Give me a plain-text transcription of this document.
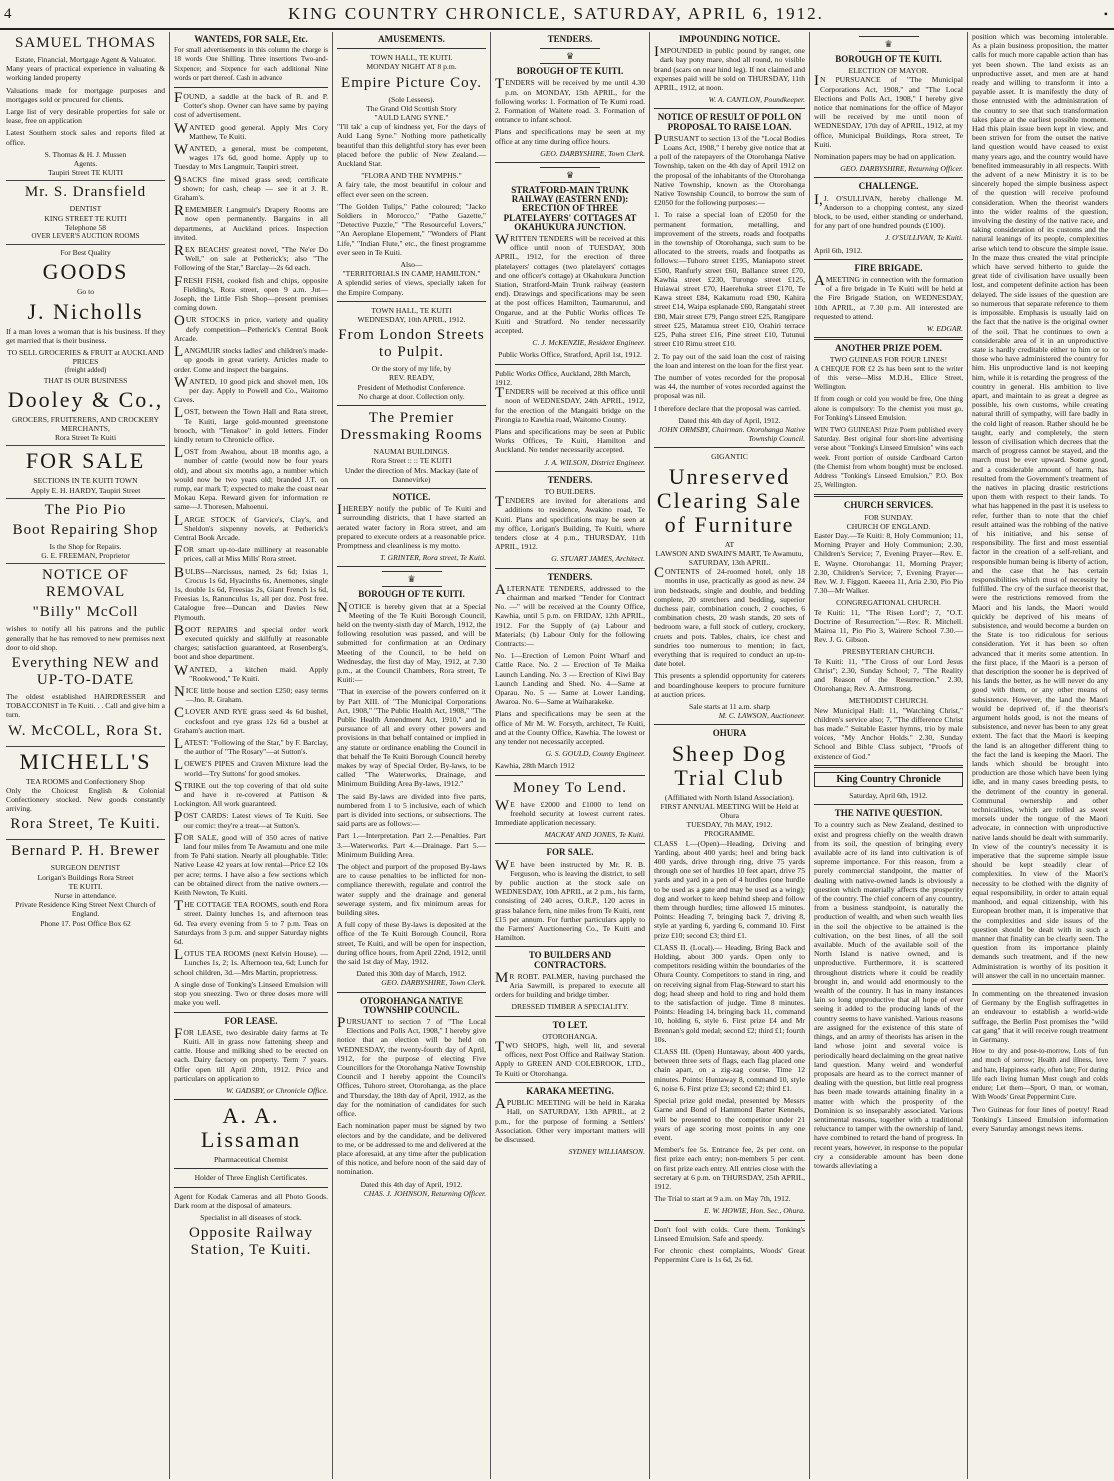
4	KING COUNTRY CHRONICLE, SATURDAY, APRIL 6, 1912.	•
SAMUEL THOMAS
Estate, Financial, Mortgage Agent & Valuator.

Many years of practical experience in valuating & working landed property

Valuations made for mortgage purposes and mortgages sold or procured for clients.

Large list of very desirable properties for sale or lease, free on application

Latest Southern stock sales and reports filed at office.

S. Thomas & H. J. Mussen
Agents.
Taupiri Street TE KUITI
Mr. S. Dransfield
DENTIST
KING STREET TE KUITI
Telephone 58
OVER LEVER'S AUCTION ROOMS
For Best Quality
GOODS
Go to
J. Nicholls

If a man loves a woman that is his business. If they get married that is their business.

TO SELL GROCERIES & FRUIT at AUCKLAND PRICES
(freight added)
THAT IS OUR BUSINESS
Dooley & Co.,
GROCERS, FRUITERERS, AND CROCKERY MERCHANTS,
Rora Street Te Kuiti
FOR SALE
SECTIONS IN TE KUITI TOWN
Apply E. H. HARDY, Taupiri Street
The Pio Pio
Boot Repairing Shop
Is the Shop for Repairs.
G. E. FREEMAN, Proprietor
NOTICE OF REMOVAL
"Billy" McColl

wishes to notify all his patrons and the public generally that he has removed to new premises next door to old shop.

Everything NEW and UP-TO-DATE

The oldest established HAIRDRESSER and TOBACCONIST in Te Kuiti. . . Call and give him a turn.

W. McCOLL, Rora St.
MICHELL'S
TEA ROOMS and Confectionery Shop

Only the Choicest English & Colonial Confectionery stocked. New goods constantly arriving.

Rora Street, Te Kuiti.
Bernard P. H. Brewer
SURGEON DENTIST
Lorigan's Buildings Rora Street
TE KUITI.
Nurse in attendance.
Private Residence King Street Next Church of England.
Phone 17. Post Office Box 62
WANTEDS, FOR SALE, Etc.

For small advertisements in this column the charge is 18 words One Shilling. Three insertions Two-and-Sixpence; and Sixpence for each additional Nine words or part thereof. Cash in advance

FOUND, a saddle at the back of R. and P. Cotter's shop. Owner can have same by paying cost of advertisement.

WANTED good general. Apply Mrs Cory Matthew, Te Kuiti.

WANTED, a general, must be competent, wages 17s 6d, good home. Apply up to Tuesday to Mrs Langmuir, Taupiri street.

9SACKS fine mixed grass seed; certificate shown; for cash, cheap — see it at J. R. Graham's.

REMEMBER Langmuir's Drapery Rooms are now open permanently. Bargains in all departments, at Auckland prices. Inspection invited.

REX BEACHS' greatest novel, "The Ne'er Do Well," on sale at Petherick's; also "The Following of the Star," Barclay—2s 6d each.

FRESH FISH, cooked fish and chips, opposite Fielding's, Rora street, open 9 a.m. Jut—Joseph, the Little Fish Shop—present premises coming down.

OUR STOCKS in price, variety and quality defy competition—Petherick's Central Book Arcade.

LANGMUIR stocks ladies' and children's made-up goods in great variety. Articles made to order. Come and inspect the bargains.

WANTED, 10 good pick and shovel men, 10s per day. Apply to Powell and Co., Waitomo Caves.

LOST, between the Town Hall and Rata street, Te Kuiti, large gold-mounted greenstone brooch, with "Tenakoe" in gold letters. Finder kindly return to Chronicle office.

LOST from Awahou, about 18 months ago, a number of cattle (would now be four years old), and about six months ago, a number which would now be two years old; branded J.T. on rump, ear mark T; expected to make the coast near Mokau Kepa. Reward given for information re same—J. Thoresen, Mahoenui.

LARGE STOCK of Garvice's, Clay's, and Sheldon's sixpenny novels, at Petherick's Central Book Arcade.

FOR smart up-to-date millinery at reasonable prices, call at Miss Mills' Rora street.

BULBS—Narcissus, named, 2s 6d; Ixias 1, Crocus 1s 6d, Hyacinths 6s, Anemones, single 1s, double 1s 6d, Freesias 2s, Giant French 1s 6d, Freesias 1s, Ranunculus 1s, all per doz. Post free. Catalogue free—Duncan and Davies New Plymouth.

BOOT REPAIRS and special order work executed quickly and skilfully at reasonable charges; satisfaction guaranteed, at Rosenberg's, boot and shoe department.

WANTED, a kitchen maid. Apply "Rookwood," Te Kuiti.

NICE little house and section £250; easy terms—Jno. R. Graham.

CLOVER AND RYE grass seed 4s 6d bushel, cocksfoot and rye grass 12s 6d a bushel at Graham's auction mart.

LATEST: "Following of the Star," by F. Barclay, the author of "The Rosary"—at Sutton's.

LOEWE'S PIPES and Craven Mixture lead the world—Try Suttons' for good smokes.

STRIKE out the top covering of that old suite and have it re-covered at Pattison & Lockington. All work guaranteed.

POST CARDS: Latest views of Te Kuiti. See our comic: they're a treat—at Sutton's.

FOR SALE, good will of 350 acres of native land four miles from Te Awamutu and one mile from Te Pahi station. Nearly all ploughable. Title: Native Lease 42 years at low rental—Price £2 10s per acre; terms. I have also a few sections which can be obtained direct from the native owners.—Keith Newton, Te Kuiti.

THE COTTAGE TEA ROOMS, south end Rora street. Dainty lunches 1s, and afternoon teas 6d. Tea every evening from 5 to 7 p.m. Teas on Saturdays from 3 p.m. and supper Saturday nights 6d.

LOTUS TEA ROOMS (next Kelvin House). —Lunches 1s, 2; 1s. Afternoon tea, 6d; Lunch for school children, 3d.—Mrs Martin, proprietress.

A single dose of Tonking's Linseed Emulsion will stop you sneezing. Two or three doses more will make you well.

FOR LEASE.

FOR LEASE, two desirable dairy farms at Te Kuiti. All in grass now fattening sheep and cattle. House and milking shed to be erected on each. Dairy factory on property. Term 7 years. Offer open till April 20th, 1912. Price and particulars on application to

W. GADSBY, or Chronicle Office.
A. A. Lissaman
Pharmaceutical Chemist
Holder of Three English Certificates.

Agent for Kodak Cameras and all Photo Goods. Dark room at the disposal of amateurs.

Specialist in all diseases of stock.
Opposite Railway Station, Te Kuiti.
AMUSEMENTS.
TOWN HALL, TE KUITI.
MONDAY NIGHT AT 8 p.m.
Empire Picture Coy.
(Sole Lessees).
The Grand Old Scottish Story
"AULD LANG SYNE."

"I'll tak' a cup of kindness yet, For the days of Auld Lang Syne." Nothing more pathetically beautiful than this delightful story has ever been placed before the public of New Zealand.—Auckland Star.

"FLORA AND THE NYMPHS."

A fairy tale, the most beautiful in colour and effect ever seen on the screen.

"The Golden Tulips," Pathe coloured; "Jacko Soldiers in Morocco," "Pathe Gazette," "Detective Puzzle," "The Resourceful Lovers," "An Aeroplane Elopement," "Wonders of Plant Life," "Indian Flute," etc., the finest programme ever seen in Te Kuiti.

Also—
"TERRITORIALS IN CAMP, HAMILTON."

A splendid series of views, specially taken for the Empire Company.

TOWN HALL, TE KUITI
WEDNESDAY, 10th APRIL, 1912.
From London Streets to Pulpit.
Or the story of my life, by
REV. READY,
President of Methodist Conference.
No charge at door. Collection only.
The Premier Dressmaking Rooms
NAUMAI BUILDINGS.
Rora Street :: :: TE KUITI
Under the direction of Mrs. Mackay (late of Dannevirke)
NOTICE.

IHEREBY notify the public of Te Kuiti and surrounding districts, that I have started an aerated water factory in Rora street, and am prepared to execute orders at a reasonable price. Promptness and cleanliness is my motto.

T. GRINTER, Rora street, Te Kuiti.
♛
BOROUGH OF TE KUITI.

NOTICE is hereby given that at a Special Meeting of the Te Kuiti Borough Council, held on the twenty-sixth day of March, 1912, the following resolution was passed, and will be submitted for confirmation at an Ordinary Meeting of the Council, to be held on Wednesday, the first day of May, 1912, at 7.30 p.m., at the Council Chambers, Rora street, Te Kuiti:—

"That in exercise of the powers conferred on it by Part XIII. of "The Municipal Corporations Act, 1908," "The Public Health Act, 1908," "The Public Health Amendment Act, 1910," and in pursuance of all and every other powers and provisions in that behalf contained or implied in any statute or ordinance enabling the Council in that behalf the Te Kuiti Borough Council hereby makes by way of Special Order, By-laws, to be called "The Waterworks, Drainage, and Minimum Building Area By-laws, 1912."

The said By-laws are divided into five parts, numbered from 1 to 5 inclusive, each of which part is divided into sections, or subsections. The said parts are as follows:—

Part 1.—Interpretation. Part 2.—Penalties. Part 3.—Waterworks. Part 4.—Drainage. Part 5.—Minimum Building Area.

The object and purport of the proposed By-laws are to cause penalties to be inflicted for non-compliance therewith, regulate and control the water supply and the drainage and general sewerage system, and fix minimum areas for building sites.

A full copy of these By-laws is deposited at the office of the Te Kuiti Borough Council, Rora street, Te Kuiti, and will be open for inspection, during office hours, from April 22nd, 1912, until the said 1st day of May, 1912.

Dated this 30th day of March, 1912.
GEO. DARBYSHIRE, Town Clerk.
OTOROHANGA NATIVE TOWNSHIP COUNCIL.

PURSUANT to section 7 of "The Local Elections and Polls Act, 1908," I hereby give notice that an election will be held on WEDNESDAY, the twenty-fourth day of April, 1912, for the purpose of electing Five Councillors for the Otorohanga Native Township Council and I hereby appoint the Council's Offices, Tuhoro street, Otorohanga, as the place and Thursday, the 18th day of April, 1912, as the day for the nomination of candidates for such office.

Each nomination paper must be signed by two electors and by the candidate, and be delivered to me, or be addressed to me and delivered at the place aforesaid, at any time after the publication of this notice, and before noon of the said day of nomination.

Dated this 4th day of April, 1912.
CHAS. J. JOHNSON, Returning Officer.
TENDERS.
♛
BOROUGH OF TE KUITI.

TENDERS will be received by me until 4.30 p.m. on MONDAY, 15th APRIL, for the following works: 1. Formation of Te Kumi road. 2. Formation of Waitete road. 3. Formation of entrance to infant school.

Plans and specifications may be seen at my office at any time during office hours.

GEO. DARBYSHIRE, Town Clerk.
♛
STRATFORD-MAIN TRUNK RAILWAY (EASTERN END): ERECTION OF THREE PLATELAYERS' COTTAGES AT OKAHUKURA JUNCTION.

WRITTEN TENDERS will be received at this office until noon of TUESDAY, 30th APRIL, 1912, for the erection of three platelayers' cottages (two platelayers' cottages and one officer's cottage) at Okahukura Junction Station, Stratford-Main Trunk railway (eastern end). Drawings and specifications may be seen at the post offices Hamilton, Taumarunui, and Ongarue, and at the Public Works offices Te Kuiti and Stratford. No tender necessarily accepted.

C. J. McKENZIE, Resident Engineer.
Public Works Office, Stratford, April 1st, 1912.
Public Works Office, Auckland, 28th March, 1912.

TENDERS will be received at this office until noon of WEDNESDAY, 24th APRIL, 1912, for the erection of the Mangaiti bridge on the Pirongia to Kawhia road, Waitomo County.

Plans and specifications may be seen at Public Works Offices, Te Kuiti, Hamilton and Auckland. No tender necessarily accepted.

J. A. WILSON, District Engineer.
TENDERS.
TO BUILDERS.

TENDERS are invited for alterations and additions to residence, Awakino road, Te Kuiti. Plans and specifications may be seen at my office, Lorigan's Building, Te Kuiti, where tenders close at 4 p.m., THURSDAY, 11th APRIL, 1912.

G. STUART JAMES, Architect.
TENDERS.

ALTERNATE TENDERS, addressed to the chairman and marked "Tender for Contract No. —" will be received at the County Office, Kawhia, until 5 p.m. on FRIDAY, 12th APRIL, 1912. For the Supply of (a) Labour and Materials; (b) Labour Only for the following Contracts:—

No. 1—Erection of Lemon Point Wharf and Cattle Race. No. 2 — Erection of Te Maika Launch Landing. No. 3 — Erection of Kiwi Bay Launch Landing and Shed. No. 4—Same at Oparau. No. 5 — Same at Lower Landing, Awaroa. No. 6—Same at Waiharakeke.

Plans and specifications may be seen at the office of Mr M. W. Forsyth, architect, Te Kuiti, and at the County Office, Kawhia. The lowest or any tender not necessarily accepted.

G. S. GOULD, County Engineer.
Kawhia, 28th March 1912
Money To Lend.

WE have £2000 and £1000 to lend on freehold security at lowest current rates. Immediate application necessary.

MACKAY AND JONES, Te Kuiti.
FOR SALE.

WE have been instructed by Mr. R. B. Ferguson, who is leaving the district, to sell by public auction at the stock sale on WEDNESDAY, 10th APRIL, at 2 p.m., his farm, consisting of 240 acres, O.R.P., 120 acres in grass balance fern, nine miles from Te Kuiti, rent £15 per annum. For further particulars apply to the Farmers' Auctioneering Co., Te Kuiti and Hamilton.

TO BUILDERS AND CONTRACTORS.

MR ROBT. PALMER, having purchased the Aria Sawmill, is prepared to execute all orders for building and bridge timber.

DRESSED TIMBER A SPECIALITY.
TO LET.
OTOROHANGA.

TWO SHOPS, high, well lit, and several offices, next Post Office and Railway Station. Apply to GREEN AND COLEBROOK, LTD., Te Kuiti or Otorohanga.

KARAKA MEETING.

APUBLIC MEETING will be held in Karaka Hall, on SATURDAY, 13th APRIL, at 2 p.m., for the purpose of forming a Settlers' Association. Other very important matters will be discussed.

SYDNEY WILLIAMSON.
IMPOUNDING NOTICE.

IMPOUNDED in public pound by ranger, one dark bay pony mare, shod all round, no visible brand (scars on near hind leg). If not claimed and expenses paid will be sold on THURSDAY, 11th APRIL, 1912, at noon.

W. A. CANTLON, Poundkeeper.
NOTICE OF RESULT OF POLL ON PROPOSAL TO RAISE LOAN.

PURSUANT to section 13 of the "Local Bodies Loans Act, 1908," I hereby give notice that at a poll of the ratepayers of the Otorohanga Native Township, taken on the 4th day of April 1912 on the proposal of the inhabitants of the Otorohanga Native Township, known as the Otorohanga Native Township Council, to borrow the sum of £2050 for the following purposes:—

1. To raise a special loan of £2050 for the permanent formation, metalling, and improvement of the streets, roads and footpaths in the township of Otorohanga, such sum to be allocated to the streets, roads and footpaths as follows:—Tuhoro street £195, Maniapoto street £500, Ranfurly street £60, Ballance street £70, Kawhia street £230, Turongo street £125, Huiawai street £70, Haerehuka street £170, Te Kawa street £84, Kakamutu road £90, Kahira street £14, Waipa esplanade £60, Rangatahi street £80, Mair street £79, Pango street £25, Rangipare street £25, Matamua street £10, Orahiri terrace £25, Puha street £16, Pine street £10, Tutunui street £10 Rimu street £10.

2. To pay out of the said loan the cost of raising the loan and interest on the loan for the first year.

The number of votes recorded for the proposal was 44, the number of votes recorded against the proposal was nil.

I therefore declare that the proposal was carried.

Dated this 4th day of April, 1912.
JOHN ORMSBY, Chairman. Otorohanga Native Township Council.
GIGANTIC
Unreserved Clearing Sale of Furniture
AT
LAWSON AND SWAIN'S MART, Te Awamutu,
SATURDAY, 13th APRIL.

CONTENTS of 24-roomed hotel, only 18 months in use, practically as good as new. 24 iron bedsteads, single and double, and bedding complete, 20 stretchers and bedding, superior duchess pair, combination couch, 2 couches, 6 combination chests, 20 wash stands, 20 sets of bedroom ware, a full stock of cutlery, crockery, cruets and pots. Tables, chairs, ice chest and sundries too numerous to mention; in fact, everything that is required to conduct an up-to-date hotel.

This presents a splendid opportunity for caterers and boardinghouse keepers to procure furniture at auction prices.

Sale starts at 11 a.m. sharp
M. C. LAWSON, Auctioneer.
OHURA
Sheep Dog Trial Club
(Affiliated with North Island Association).
FIRST ANNUAL MEETING Will be Held at Ohura
TUESDAY, 7th MAY, 1912.
PROGRAMME.

CLASS I.—(Open)—Heading, Driving and Yarding, about 400 yards; heel and bring back 400 yards, drive through ring, drive 75 yards through one set of hurdles 10 feet apart, drive 75 yards and yard in a pen of 4 hurdles (one hurdle to be used as a gate and may be used as a wing); dog and worker to keep behind sheep and follow them through hurdles; time allowed 15 minutes. Points: Heading 7, bringing back 7, driving 8, style at yarding 6, yarding 6, command 10. First prize £10; second £3; third £1.

CLASS II. (Local).— Heading, Bring Back and Holding, about 300 yards. Open only to competitors residing within the boundaries of the Ohura County. Competitors to stand in ring, and on receiving signal from Flag-Steward to start his dog; head sheep and hold to ring and hold them to the satisfaction of judge. Time 8 minutes. Points: Heading 14, bringing back 11, command 10, holding 6, style 6. First prize £4 and Mr Brennan's gold medal; second £2; third £1; fourth 10s.

CLASS III. (Open) Huntaway, about 400 yards, between three sets of flags, each flag placed one chain apart, on a zig-zag course. Time 12 minutes. Points: Huntaway 8, command 10, style 6, noise 6. First prize £3; second £2; third £1.

Special prize gold medal, presented by Messrs Garne and Bond of Hammond Barter Kennels, will be presented to the competitor under 21 years of age scoring most points in any one event.

Member's fee 5s. Entrance fee, 2s per cent. on first prize each entry; non-members 5 per cent. on first prize each entry. All entries close with the secretary at 6 p.m. on THURSDAY, 25th APRIL, 1912.

The Trial to start at 9 a.m. on May 7th, 1912.

E. W. HOWIE, Hon. Sec., Ohura.

Don't fool with colds. Cure them. Tonking's Linseed Emulsion. Safe and speedy.

For chronic chest complaints, Woods' Great Peppermint Cure is 1s 6d, 2s 6d.

♛
BOROUGH OF TE KUITI.
ELECTION OF MAYOR.

IN PURSUANCE of "The Municipal Corporations Act, 1908," and "The Local Elections and Polls Act, 1908," I hereby give notice that nominations for the office of Mayor will be received by me until noon of WEDNESDAY, 17th day of APRIL, 1912, at my office, Municipal Buildings, Rora street, Te Kuiti.

Nomination papers may be had on application.

GEO. DARBYSHIRE, Returning Officer.
CHALLENGE.

I,J. O'SULLIVAN, hereby challenge M. Anderson to a chopping contest, any sized block, to be used, either standing or underhand, for any part of one hundred pounds (£100).

J. O'SULLIVAN, Te Kuiti.
April 6th, 1912.
FIRE BRIGADE.

AMEETING in connection with the formation of a fire brigade in Te Kuiti will be held at the Fire Brigade Station, on WEDNESDAY, 10th APRIL, at 7.30 p.m. All interested are requested to attend.

W. EDGAR.
ANOTHER PRIZE POEM.
TWO GUINEAS FOR FOUR LINES!

A CHEQUE FOR £2 2s has been sent to the writer of this verse—Miss M.D.H., Ellice Street, Wellington.

If from cough or cold you would be free, One thing alone is compulsory: To the chemist you must go, For Tonking's Linseed Emulsion.

WIN TWO GUINEAS! Prize Poem published every Saturday. Best original four short-line advertising verse about "Tonking's Linseed Emulsion" wins each week. Front portion of outside Cardboard Carton (the Chemist from whom bought) must be enclosed. Address "Tonking's Linseed Emulsion," P.O. Box 25, Wellington.

CHURCH SERVICES.
FOR SUNDAY.
CHURCH OF ENGLAND.

Easter Day.—Te Kuiti: 8, Holy Communion; 11, Morning Prayer and Holy Communion; 2.30, Children's Service; 7, Evening Prayer—Rev. E. E. Wayne. Otorohanga: 11, Morning Prayer; 2.30, Children's Service; 7, Evening Prayer—Rev. W. J. Figgott. Kaeeea 11, Aria 2.30, Pio Pio 7.30—Mr Walker.

CONGREGATIONAL CHURCH.

Te Kuiti: 11, "The Risen Lord"; 7, "O.T. Doctrine of Resurrection."—Rev. R. Mitchell. Mairoa 11, Pio Pio 3, Wairere School 7.30.—Rev. J. G. Gibson.

PRESBYTERIAN CHURCH.

Te Kuiti: 11, "The Cross of our Lord Jesus Christ"; 2.30, Sunday School; 7, "The Reality and Reason of the Resurrection." 2.30, Otorohanga; Rev. A. Armstrong.

METHODIST CHURCH.

New Municipal Hall: 11, "Watching Christ," children's service also; 7, "The difference Christ has made." Suitable Easter hymns, trio by male voices, "My Anchor Holds." 2.30, Sunday School and Bible Class subject, "Proofs of existence of God."

King Country Chronicle
Saturday, April 6th, 1912.
THE NATIVE QUESTION.

To a country such as New Zealand, destined to exist and progress chiefly on the wealth drawn from its soil, the question of bringing every available acre of its land into cultivation is of supreme importance. For this reason, from a purely commercial standpoint, the matter of dealing with native-owned lands is obviously a question which materially affects the prosperity of the country. The chief concern of any country, from a business standpoint, is naturally the production of wealth, and when such wealth lies in the soil the objective to be attained is the cultivation, on the best lines, of all the soil available. Much of the available soil of the North Island is native owned, and is unproductive. Furthermore, it is scattered throughout districts where it could be readily brought in, and would add enormously to the wealth of the country. It has in many instances lain so long unproductive that all hope of ever seeing it added to the producing lands of the country seems to have vanished. Various reasons are assigned for the existence of this state of things, and an army of theorists has arisen in the land whose joint and several voice is periodically heard declaiming on the great native land question. Many weird and wonderful proposals are heard as to the correct manner of dealing with the question, but little real progress has been made towards attaining finality in a matter with which the prosperity of the Dominion is so inseparably associated. Various sentimental reasons, together with a traditional reluctance to tamper with the ownership of land, have combined to retard the hand of progress. In recent years, however, in response to the popular cry a considerable amount has been done towards alleviating a

position which was becoming intolerable. As a plain business proposition, the matter calls for much more capable action than has yet been shown. The land exists as an unproductive asset, and men are at hand ready and willing to transform it into a payable asset. It is manifestly the duty of those entrusted with the administration of the country to see that such transformation takes place at the earliest possible moment. Had this plain issue been kept in view, and been striven for from the outset the native land question would have ceased to exist many years ago, and the country would have benefited immeasurably in all respects. With the advent of a new Ministry it is to be sincerely hoped the simple business aspect of the question will receive profound consideration. When the theorist wanders into the wider realms of the question, involving the destiny of the native race, and taking consideration of its customs and the natural leanings of its people, complexities arise which tend to obscure the simple issue. In the maze thus created the vital principle which have served hitherto to guide the great tide of civilisation have usually been lost, and competent definite action has been delayed. The side issues of the question are so numerous that separate reference to them is impossible. Emphasis is usually laid on the fact that the native is the original owner of the soil. That he continues to own a considerable area of it in an unproductive state is hardly creditable either to him or to those who have administered the country for him. His unproductive land is not keeping him, while it is retarding the progress of the country in general. His ambition to live apart, and maintain to as great a degree as possible, his own customs, while creating natural thrill of sympathy, will fare badly in the cold light of reason. Rather should he be taught, early and completely, the stern lesson of civilisation which decrees that the march of progress cannot be stayed, and the march must be ever upward. Some good, and a considerable amount of harm, has resulted from the Government's treatment of the natives in placing drastic restrictions upon them with respect to their lands. To what has happened in the past it is useless to refer, further than to note that the chief result attained was the robbing of the native of his initiative, and his sense of responsibility. The first and most essential factor in the creation of a self-reliant, and responsible human being is liberty of action, and the case that he has certain responsibilities which must of necessity be fulfilled. The cry of the surface theorist that, were the restrictions removed from the Maori and his lands, the Maori would quickly be deprived of his means of subsistence, and would become a burden on the State is too ridiculous for serious consideration. Yet it has been so often advanced that it merits some attention. In the first place, if the Maori is a person of that description the sooner he is deprived of his lands the better, as he will never do any good with them, or any other means of subsistence. However, the land the Maori would be deprived of, if the theorist's argument holds good, is not the means of subsistence, and never has been to any great extent. The fact that the Maori is keeping the land is an altogether different thing to the fact the land is keeping the Maori. The lands which should be brought into production are those which have been lying idle, and in many cases breeding pests, to the detriment of the country in general. Communal ownership and other technicalities, which are rolled as sweet morsels under the tongue of the Maori advocate, in connection with unproductive native lands should be dealt with summarily. In view of the country's necessity it is imperative that the supreme simple issue should be kept steadily clear of complexities. In view of the Maori's necessity to be clothed with the dignity of equal responsibility, in order to attain equal manhood, and equal citizenship, with his European brother man, it is imperative that the complexities and side issues of the question should be dealt with in such a manner that finality can be clearly seen. The question from its importance plainly demands such treatment, and if the new Administration is worthy of its position it will answer the call in no uncertain manner.

In commenting on the threatened invasion of Germany by the English suffragettes in an endeavour to establish a world-wide suffrage, the Berlin Post promises the "wild cat gang" that it will receive rough treatment in Germany.

How to dry and pose-to-morrow, Lots of fun and much of sorrow; Health and illness, love and hate, Happiness early, often late; For during life each living human Must cough and colds endure; Let them—Sport, O man, or woman, With Woods' Great Peppermint Cure.

Two Guineas for four lines of poetry! Read Tonking's Linseed Emulsion information every Saturday amongst news items.
